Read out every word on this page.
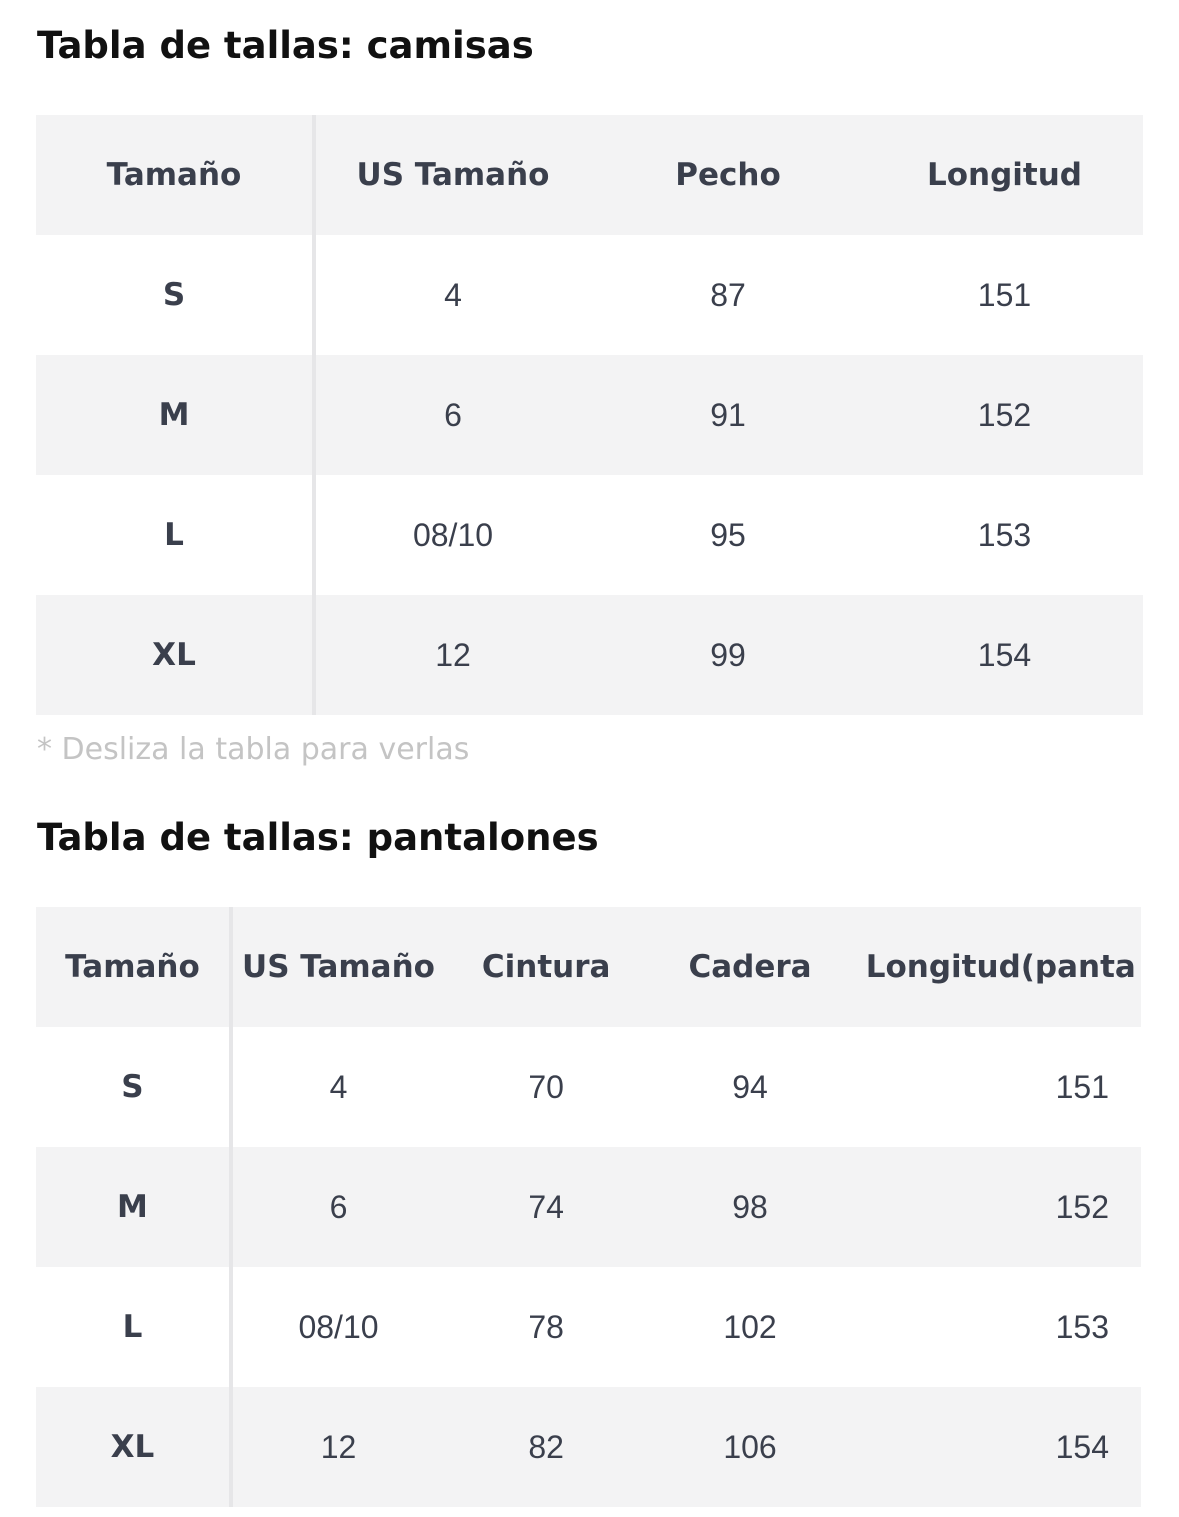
Tabla de tallas: camisas
Tamaño	US Tamaño	Pecho	Longitud
S	4	87	151
M	6	91	152
L	08/10	95	153
XL	12	99	154
* Desliza la tabla para verlas
Tabla de tallas: pantalones
Tamaño	US Tamaño	Cintura	Cadera	Longitud(panta
S	4	70	94	151
M	6	74	98	152
L	08/10	78	102	153
XL	12	82	106	154
